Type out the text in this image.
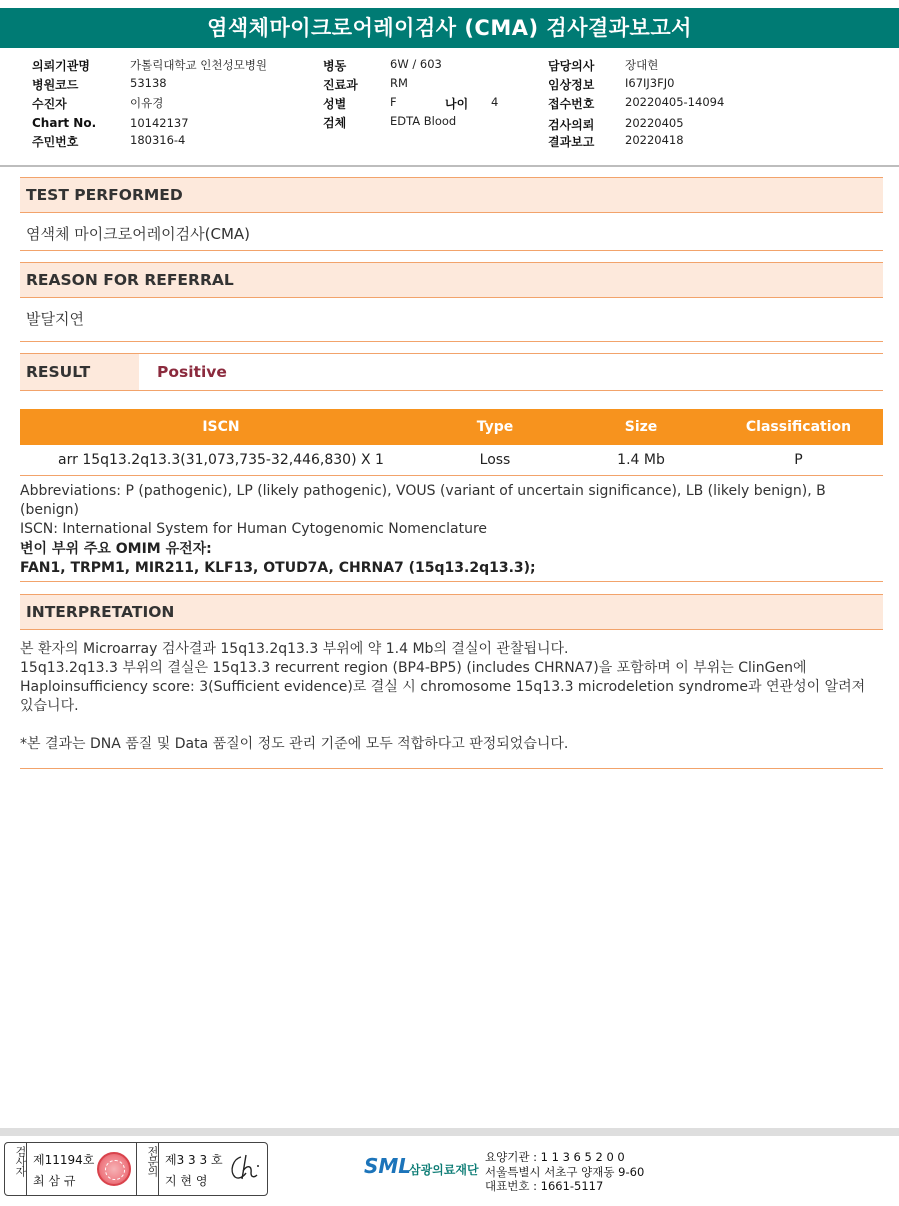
염색체마이크로어레이검사 (CMA) 검사결과보고서
의뢰기관명	가톨릭대학교 인천성모병원
병원코드	53138
수진자	이유경
Chart No.	10142137
주민번호	180316-4
병동	6W / 603
진료과	RM
성별	F	나이 4
검체	EDTA Blood
담당의사	장대현
임상정보	I67IJ3FJ0
접수번호	20220405-14094
검사의뢰	20220405
결과보고	20220418
TEST PERFORMED
염색체 마이크로어레이검사(CMA)
REASON FOR REFERRAL
발달지연
RESULT	Positive
ISCN	Type	Size	Classification
arr 15q13.2q13.3(31,073,735-32,446,830) X 1	Loss	1.4 Mb	P
Abbreviations: P (pathogenic), LP (likely pathogenic), VOUS (variant of uncertain significance), LB (likely benign), B (benign)
ISCN: International System for Human Cytogenomic Nomenclature
변이 부위 주요 OMIM 유전자:
FAN1, TRPM1, MIR211, KLF13, OTUD7A, CHRNA7 (15q13.2q13.3);
INTERPRETATION

본 환자의 Microarray 검사결과 15q13.2q13.3 부위에 약 1.4 Mb의 결실이 관찰됩니다.

15q13.2q13.3 부위의 결실은 15q13.3 recurrent region (BP4-BP5) (includes CHRNA7)을 포함하며 이 부위는 ClinGen에

Haploinsufficiency score: 3(Sufficient evidence)로 결실 시 chromosome 15q13.3 microdeletion syndrome과 연관성이 알려져

있습니다.

*본 결과는 DNA 품질 및 Data 품질이 정도 관리 기준에 모두 적합하다고 판정되었습니다.

검사자 제11194호
최 삼 규
전문의 제3 3 3 호
지 현 영
SML
삼광의료재단
요양기관 : 1 1 3 6 5 2 0 0
서울특별시 서초구 양재동 9-60
대표번호 : 1661-5117
